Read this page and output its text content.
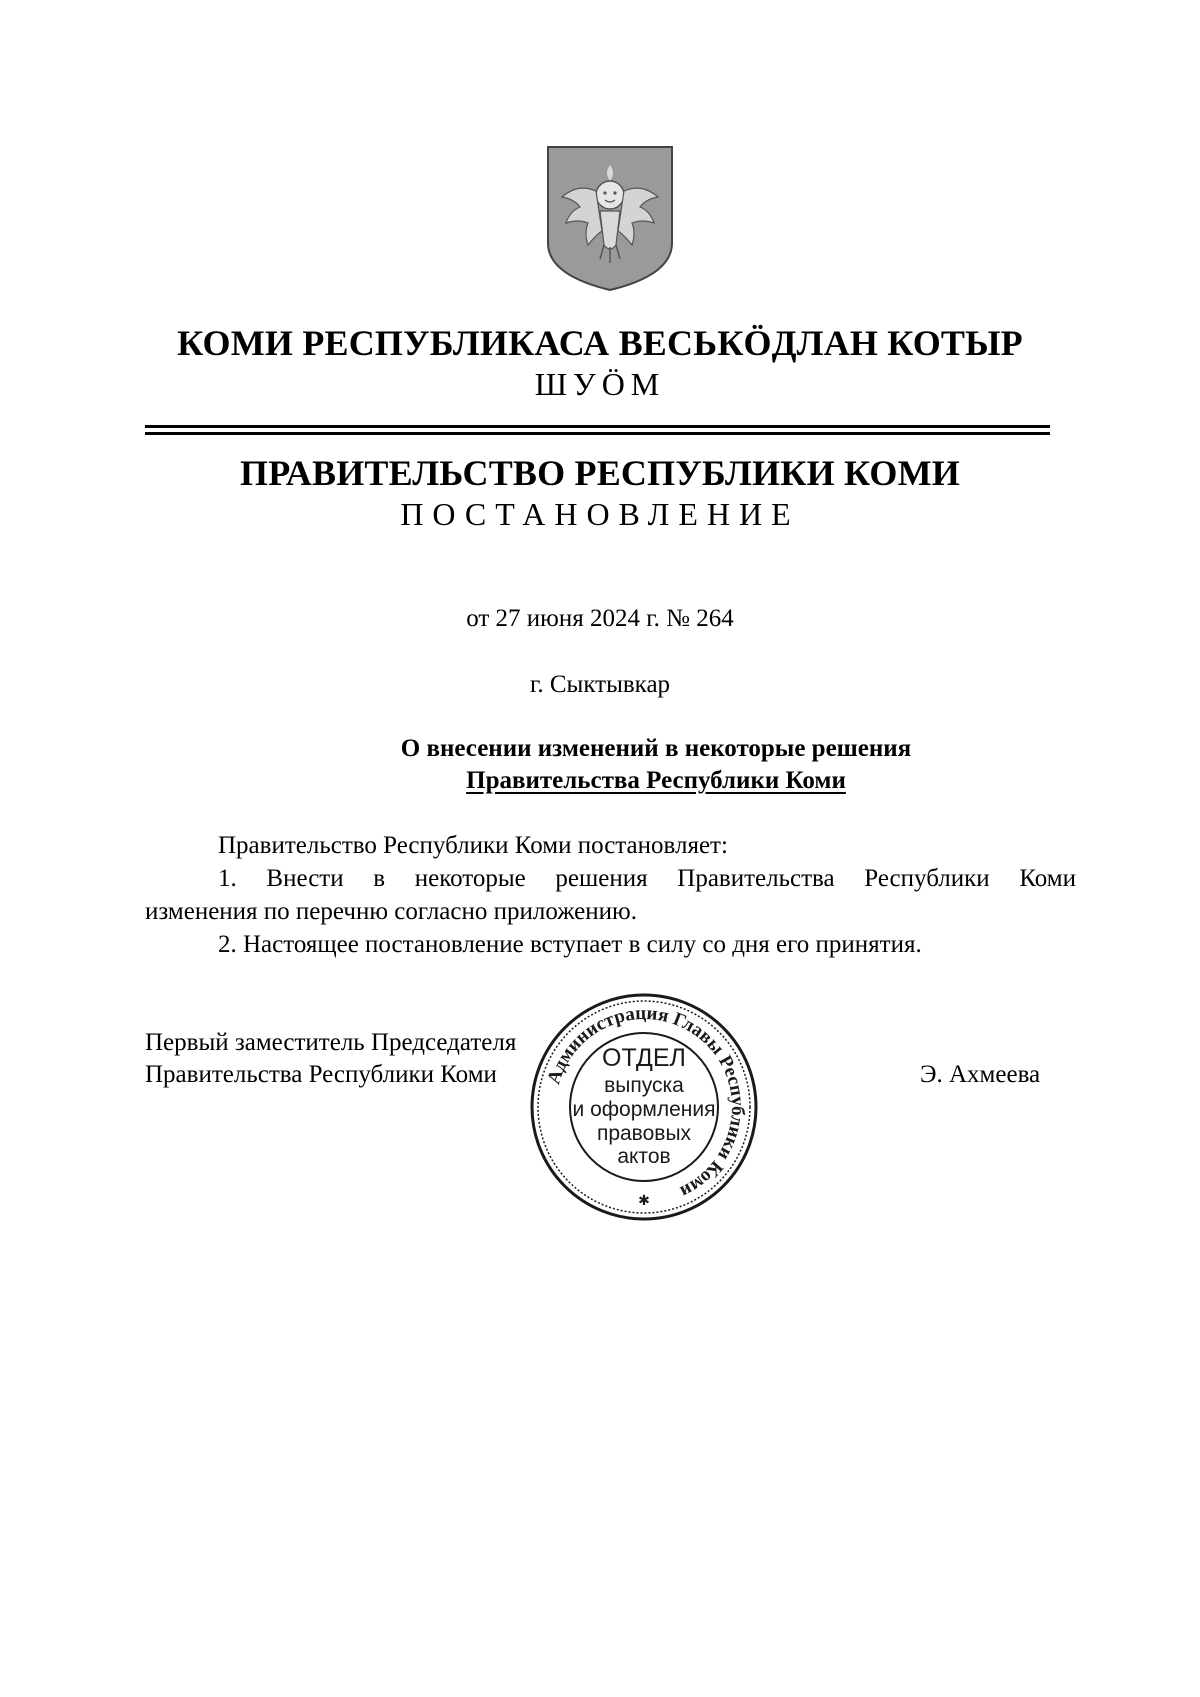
КОМИ РЕСПУБЛИКАСА ВЕСЬКӦДЛАН КОТЫР
ШУӦМ
ПРАВИТЕЛЬСТВО РЕСПУБЛИКИ КОМИ
ПОСТАНОВЛЕНИЕ
от 27 июня 2024 г. № 264
г. Сыктывкар
О внесении изменений в некоторые решения
Правительства Республики Коми
Правительство Республики Коми постановляет:
1. Внести в некоторые решения Правительства Республики Коми
изменения по перечню согласно приложению.
2. Настоящее постановление вступает в силу со дня его принятия.
Первый заместитель Председателя
Правительства Республики Коми	Э. Ахмеева
Администрация Главы Республики Коми
ОТДЕЛ
выпуска
и оформления
правовых
актов
✱
